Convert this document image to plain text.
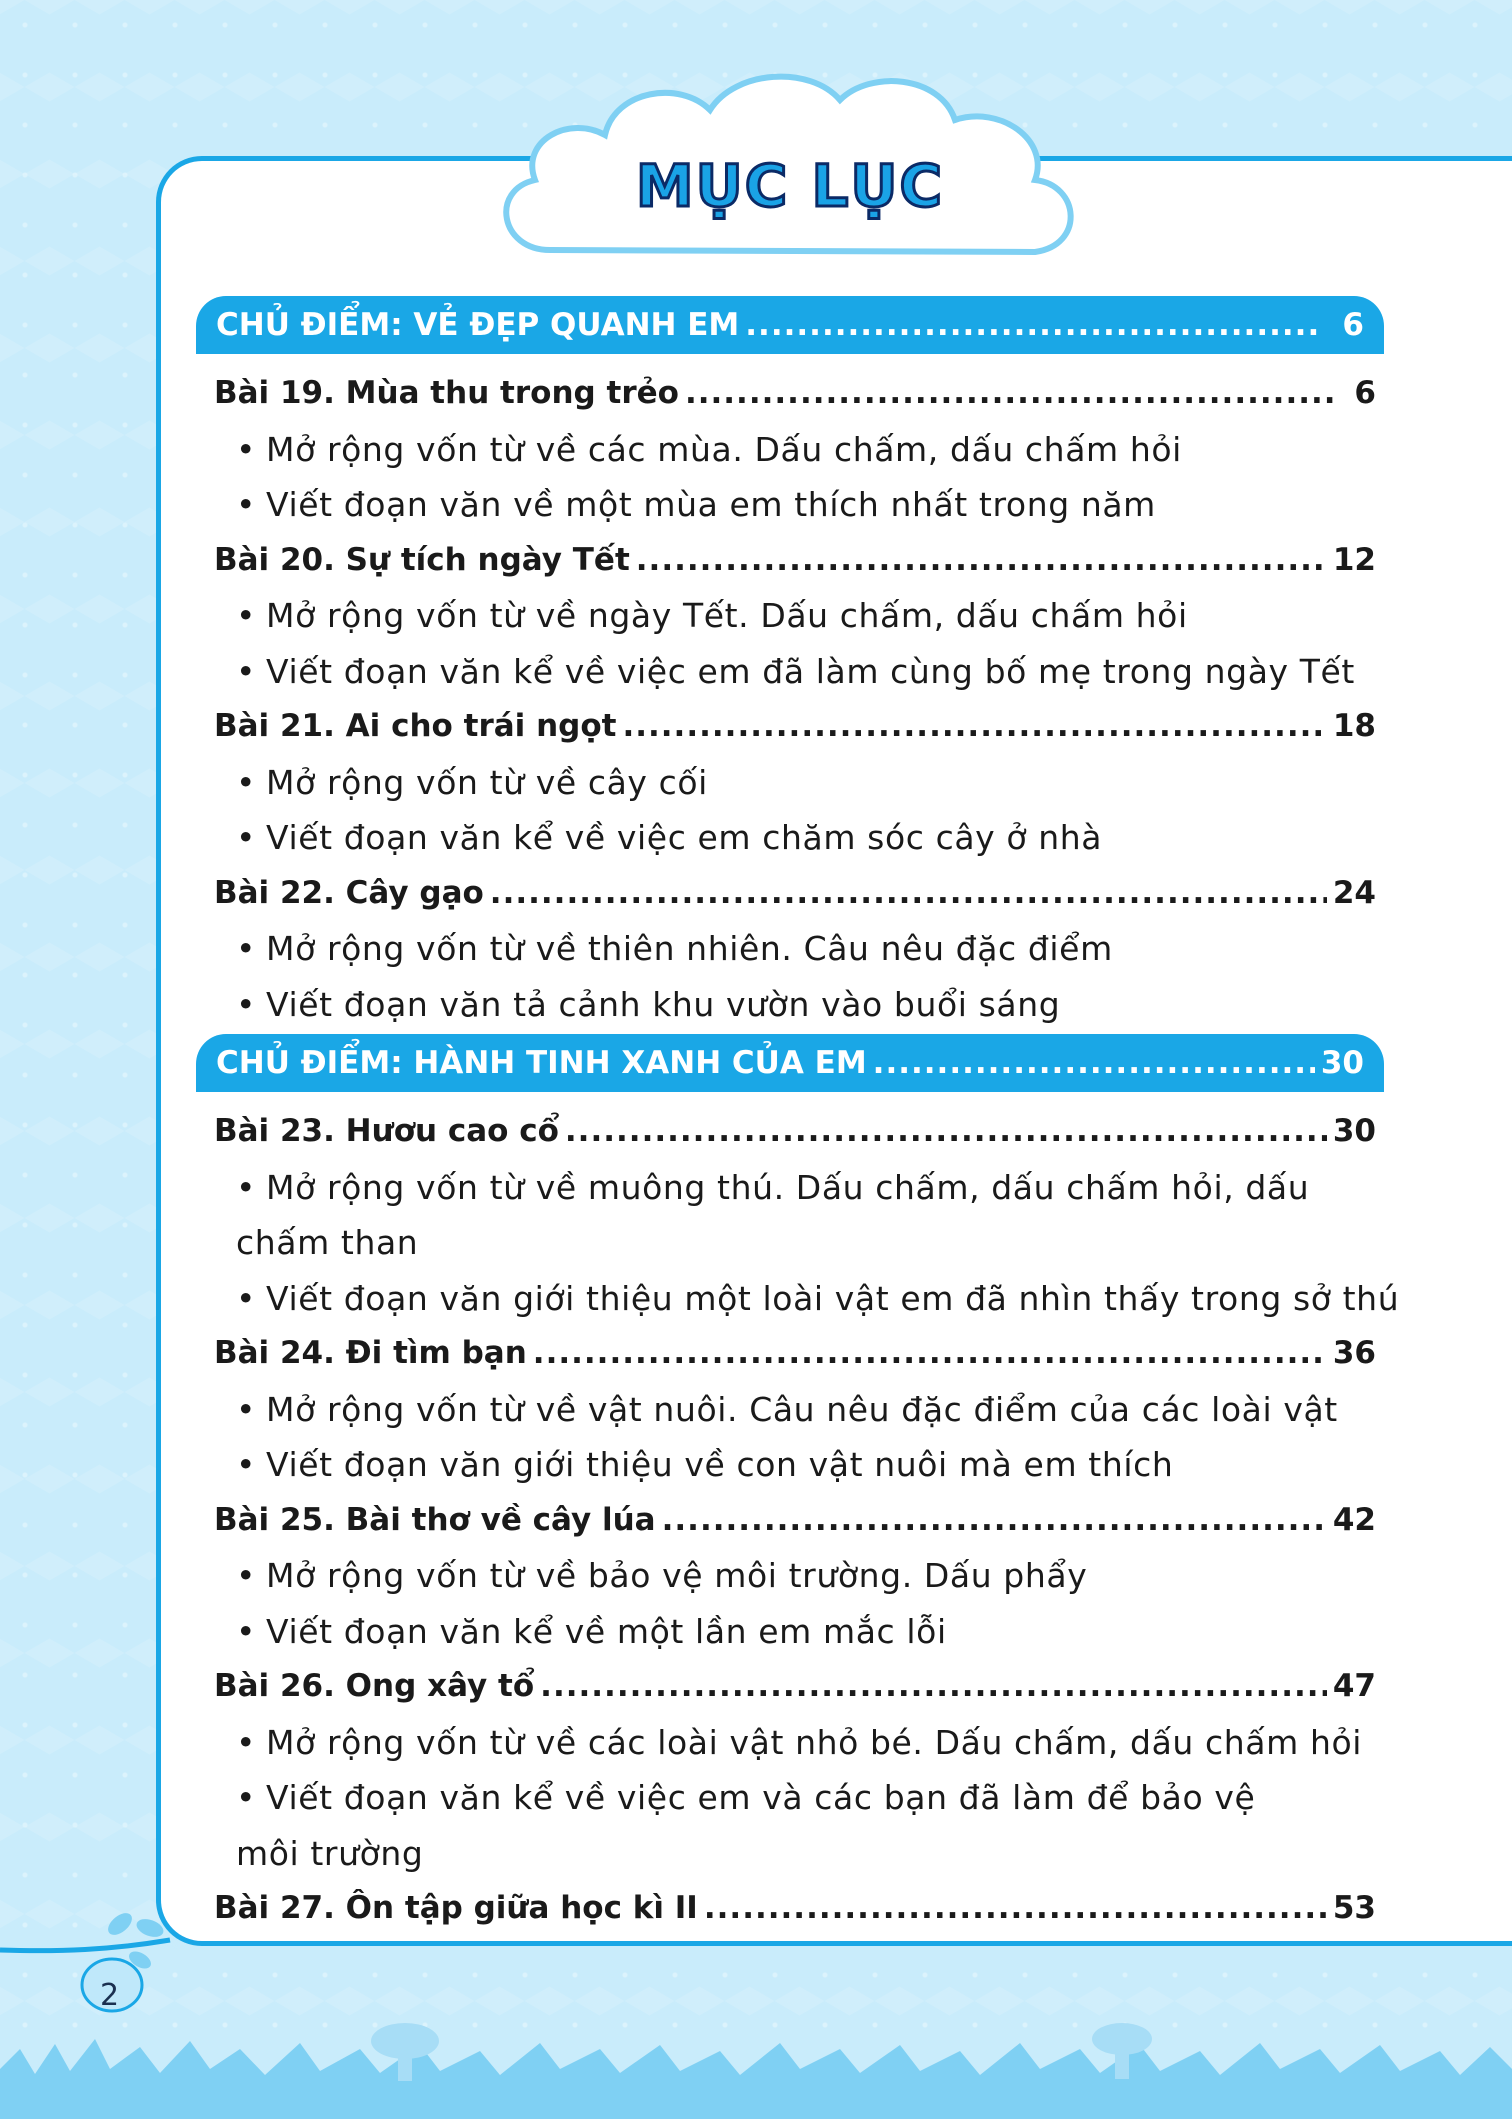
MỤC LỤC
CHỦ ĐIỂM: VẺ ĐẸP QUANH EM .....	6
Bài 19. Mùa thu trong trẻo .....	6
• Mở rộng vốn từ về các mùa. Dấu chấm, dấu chấm hỏi
• Viết đoạn văn về một mùa em thích nhất trong năm
Bài 20. Sự tích ngày Tết .....	12
• Mở rộng vốn từ về ngày Tết. Dấu chấm, dấu chấm hỏi
• Viết đoạn văn kể về việc em đã làm cùng bố mẹ trong ngày Tết
Bài 21. Ai cho trái ngọt .....	18
• Mở rộng vốn từ về cây cối
• Viết đoạn văn kể về việc em chăm sóc cây ở nhà
Bài 22. Cây gạo .....	24
• Mở rộng vốn từ về thiên nhiên. Câu nêu đặc điểm
• Viết đoạn văn tả cảnh khu vườn vào buổi sáng
CHỦ ĐIỂM: HÀNH TINH XANH CỦA EM .....	30
Bài 23. Hươu cao cổ .....	30
• Mở rộng vốn từ về muông thú. Dấu chấm, dấu chấm hỏi, dấu
chấm than
• Viết đoạn văn giới thiệu một loài vật em đã nhìn thấy trong sở thú
Bài 24. Đi tìm bạn .....	36
• Mở rộng vốn từ về vật nuôi. Câu nêu đặc điểm của các loài vật
• Viết đoạn văn giới thiệu về con vật nuôi mà em thích
Bài 25. Bài thơ về cây lúa .....	42
• Mở rộng vốn từ về bảo vệ môi trường. Dấu phẩy
• Viết đoạn văn kể về một lần em mắc lỗi
Bài 26. Ong xây tổ .....	47
• Mở rộng vốn từ về các loài vật nhỏ bé. Dấu chấm, dấu chấm hỏi
• Viết đoạn văn kể về việc em và các bạn đã làm để bảo vệ
môi trường
Bài 27. Ôn tập giữa học kì II .....	53
2
